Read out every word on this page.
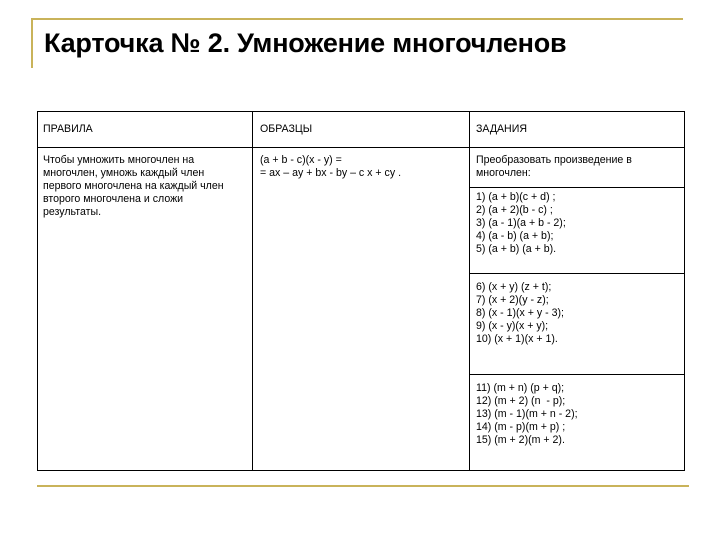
Карточка № 2. Умножение многочленов
ПРАВИЛА	ОБРАЗЦЫ	ЗАДАНИЯ
Чтобы умножить многочлен на
многочлен, умножь каждый член
первого многочлена на каждый член
второго многочлена и сложи
результаты.
(a + b - c)(x - y) =
= ax – ay + bx - by – c x + cy .
Преобразовать произведение в
многочлен:
1) (a + b)(c + d) ;
2) (a + 2)(b - c) ;
3) (a - 1)(a + b - 2);
4) (a - b) (a + b);
5) (a + b) (a + b).
6) (x + y) (z + t);
7) (x + 2)(y - z);
8) (x - 1)(x + y - 3);
9) (x - y)(x + y);
10) (x + 1)(x + 1).
11) (m + n) (p + q);
12) (m + 2) (n  - p);
13) (m - 1)(m + n - 2);
14) (m - p)(m + p) ;
15) (m + 2)(m + 2).
